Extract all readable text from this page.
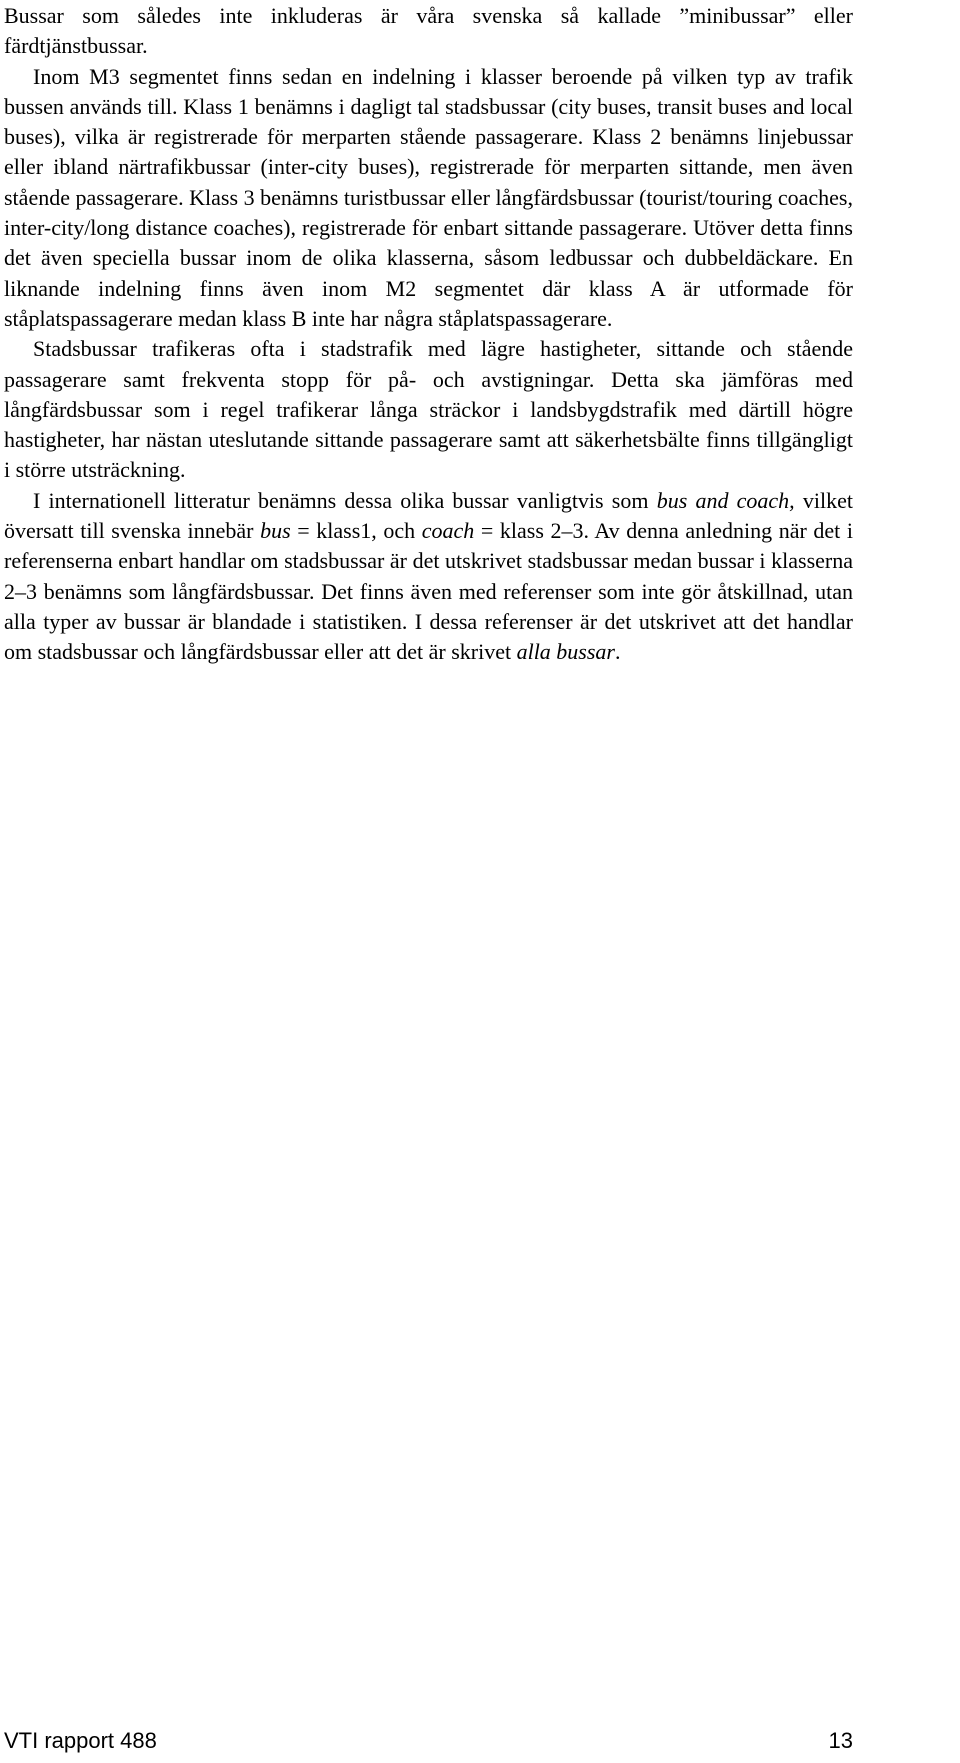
Bussar som således inte inkluderas är våra svenska så kallade ”minibussar” eller färdtjänstbussar.

Inom M3 segmentet finns sedan en indelning i klasser beroende på vilken typ av trafik bussen används till. Klass 1 benämns i dagligt tal stadsbussar (city buses, transit buses and local buses), vilka är registrerade för merparten stående passagerare. Klass 2 benämns linjebussar eller ibland närtrafikbussar (inter-city buses), registrerade för merparten sittande, men även stående passagerare. Klass 3 benämns turistbussar eller långfärdsbussar (tourist/touring coaches, inter-city/long distance coaches), registrerade för enbart sittande passagerare. Utöver detta finns det även speciella bussar inom de olika klasserna, såsom ledbussar och dubbeldäckare. En liknande indelning finns även inom M2 segmentet där klass A är utformade för ståplatspassagerare medan klass B inte har några ståplatspassagerare.

Stadsbussar trafikeras ofta i stadstrafik med lägre hastigheter, sittande och stående passagerare samt frekventa stopp för på- och avstigningar. Detta ska jämföras med långfärdsbussar som i regel trafikerar långa sträckor i landsbygdstrafik med därtill högre hastigheter, har nästan uteslutande sittande passagerare samt att säkerhetsbälte finns tillgängligt i större utsträckning.

I internationell litteratur benämns dessa olika bussar vanligtvis som bus and coach, vilket översatt till svenska innebär bus = klass1, och coach = klass 2–3. Av denna anledning när det i referenserna enbart handlar om stadsbussar är det utskrivet stadsbussar medan bussar i klasserna 2–3 benämns som långfärdsbussar. Det finns även med referenser som inte gör åtskillnad, utan alla typer av bussar är blandade i statistiken. I dessa referenser är det utskrivet att det handlar om stadsbussar och långfärdsbussar eller att det är skrivet alla bussar.

VTI rapport 488	13
